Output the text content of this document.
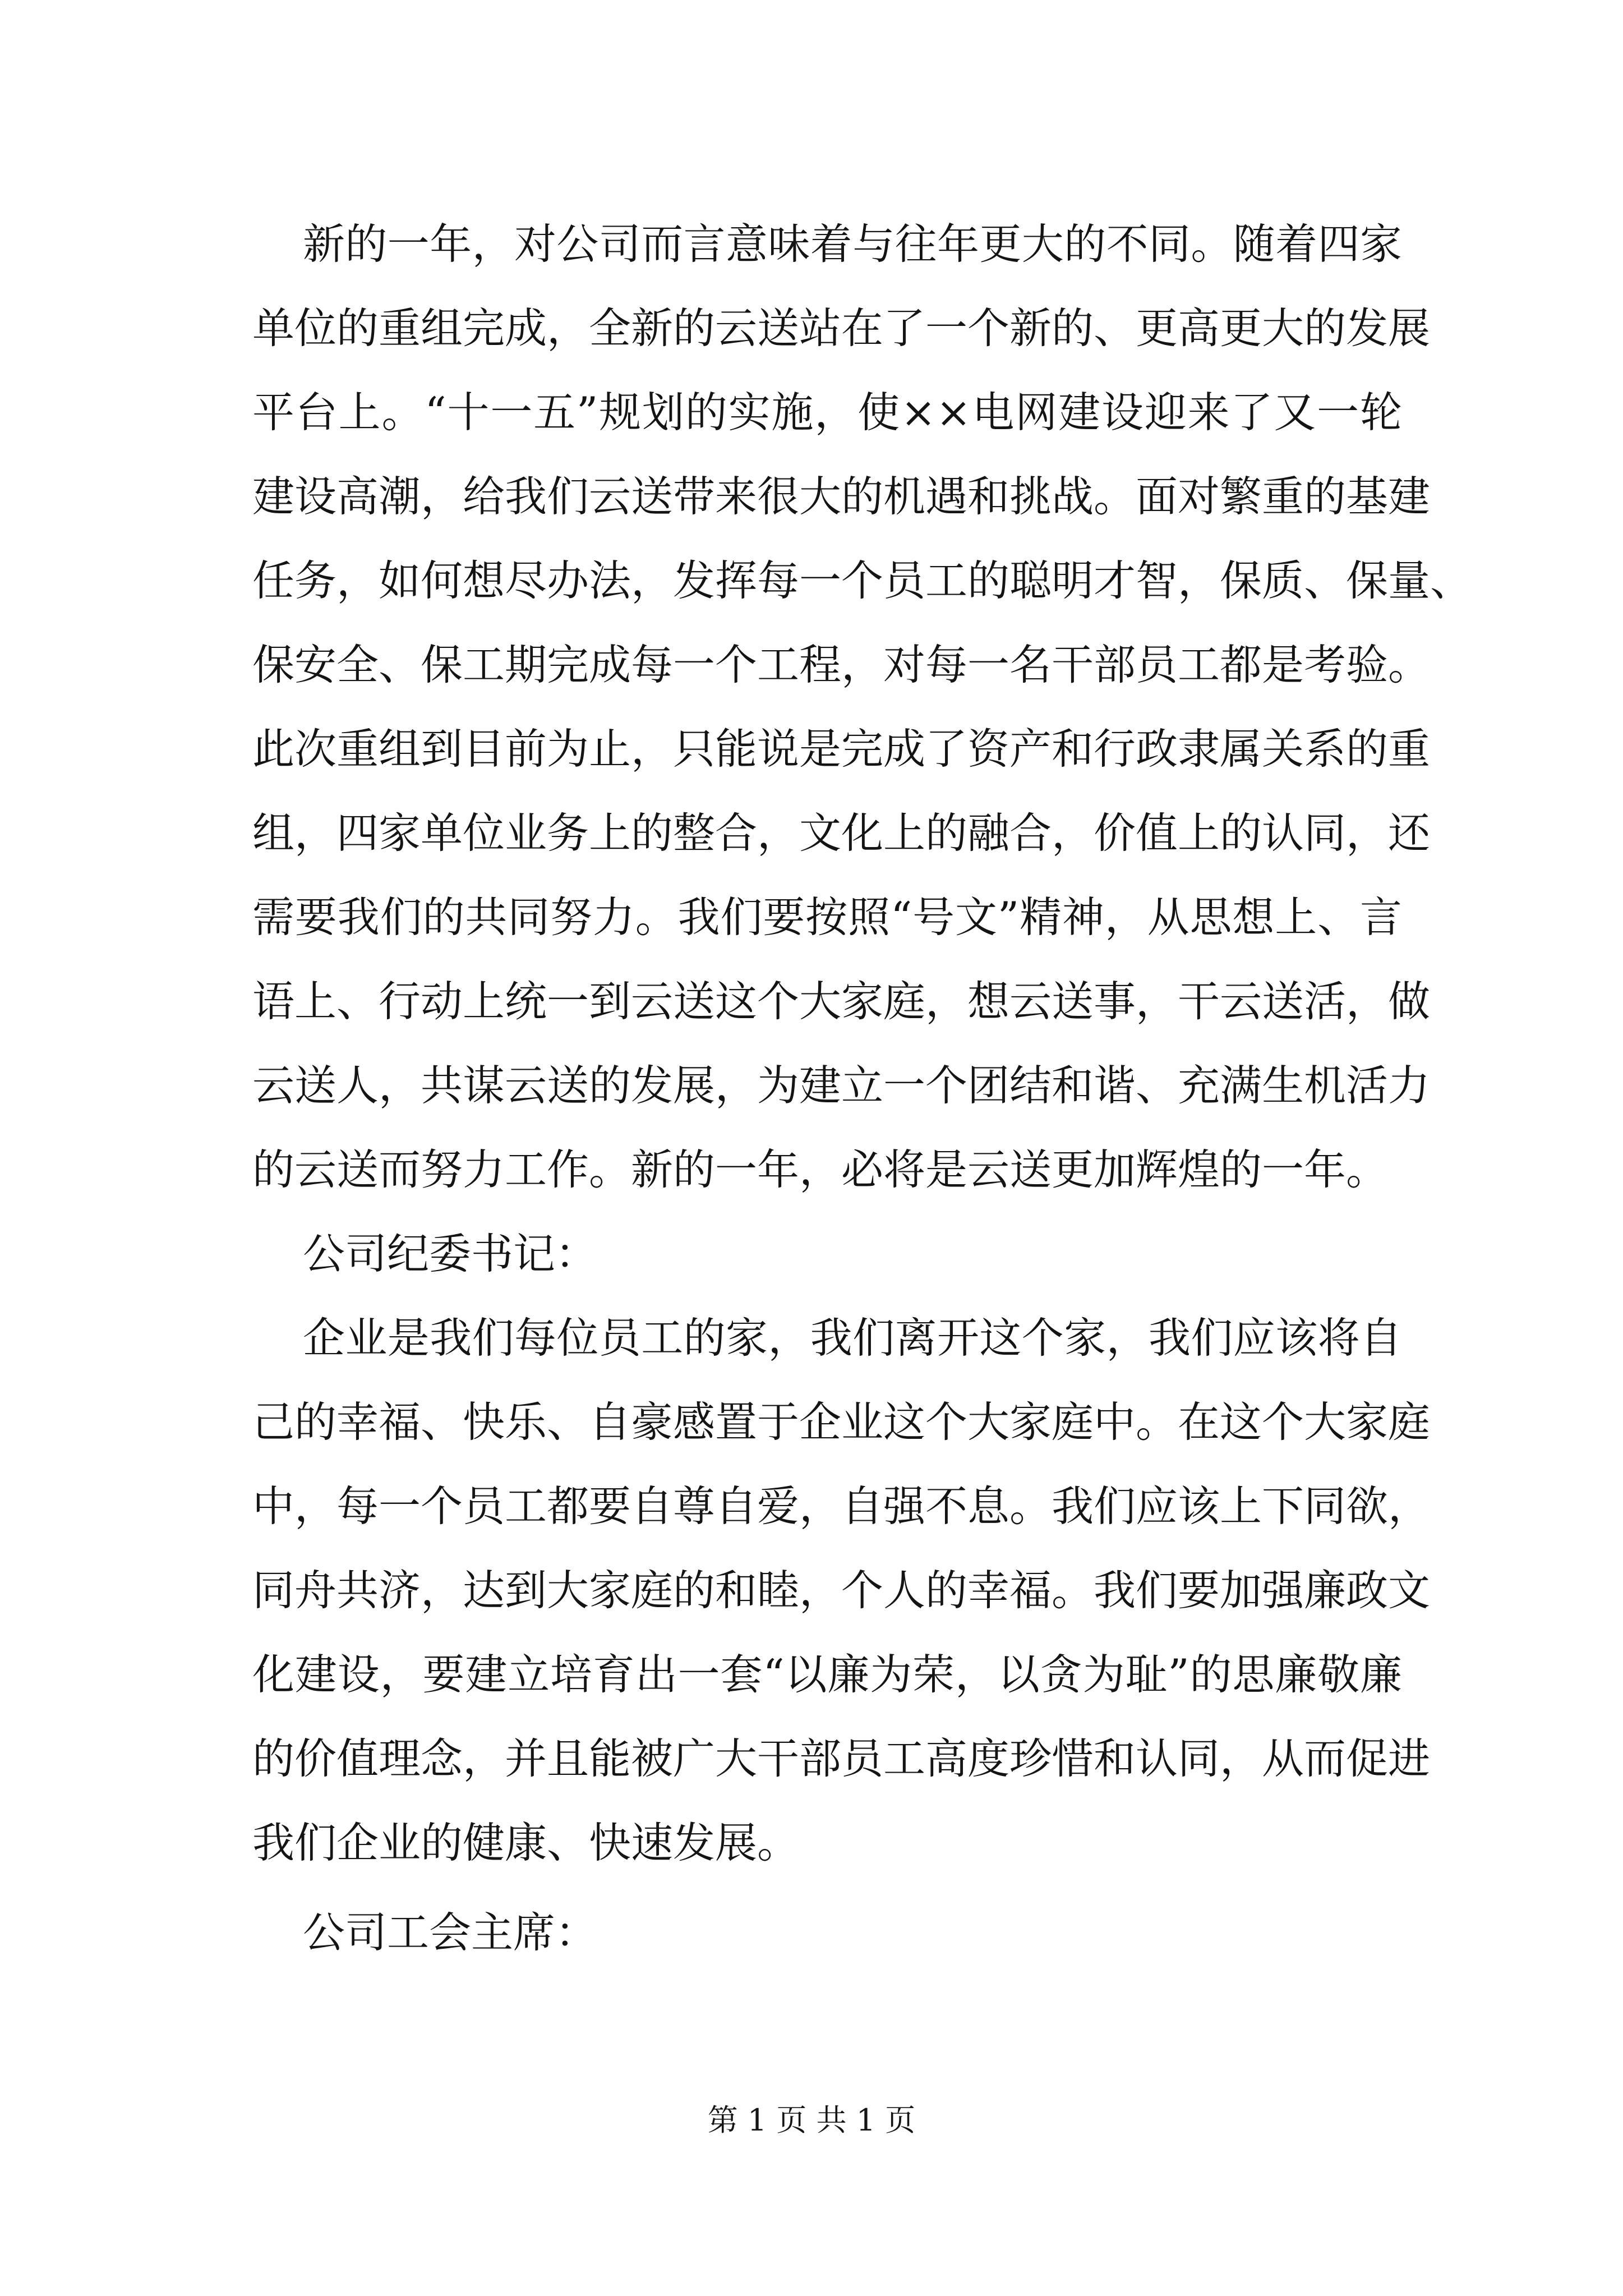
新的一年，对公司而言意味着与往年更大的不同。随着四家
单位的重组完成，全新的云送站在了一个新的、更高更大的发展
平台上。“十一五”规划的实施，使××电网建设迎来了又一轮
建设高潮，给我们云送带来很大的机遇和挑战。面对繁重的基建
任务，如何想尽办法，发挥每一个员工的聪明才智，保质、保量、
保安全、保工期完成每一个工程，对每一名干部员工都是考验。
此次重组到目前为止，只能说是完成了资产和行政隶属关系的重
组，四家单位业务上的整合，文化上的融合，价值上的认同，还
需要我们的共同努力。我们要按照“号文”精神，从思想上、言
语上、行动上统一到云送这个大家庭，想云送事，干云送活，做
云送人，共谋云送的发展，为建立一个团结和谐、充满生机活力
的云送而努力工作。新的一年，必将是云送更加辉煌的一年。
公司纪委书记：
企业是我们每位员工的家，我们离开这个家，我们应该将自
己的幸福、快乐、自豪感置于企业这个大家庭中。在这个大家庭
中，每一个员工都要自尊自爱，自强不息。我们应该上下同欲，
同舟共济，达到大家庭的和睦，个人的幸福。我们要加强廉政文
化建设，要建立培育出一套“以廉为荣，以贪为耻”的思廉敬廉
的价值理念，并且能被广大干部员工高度珍惜和认同，从而促进
我们企业的健康、快速发展。
公司工会主席：
第 1 页 共 1 页
